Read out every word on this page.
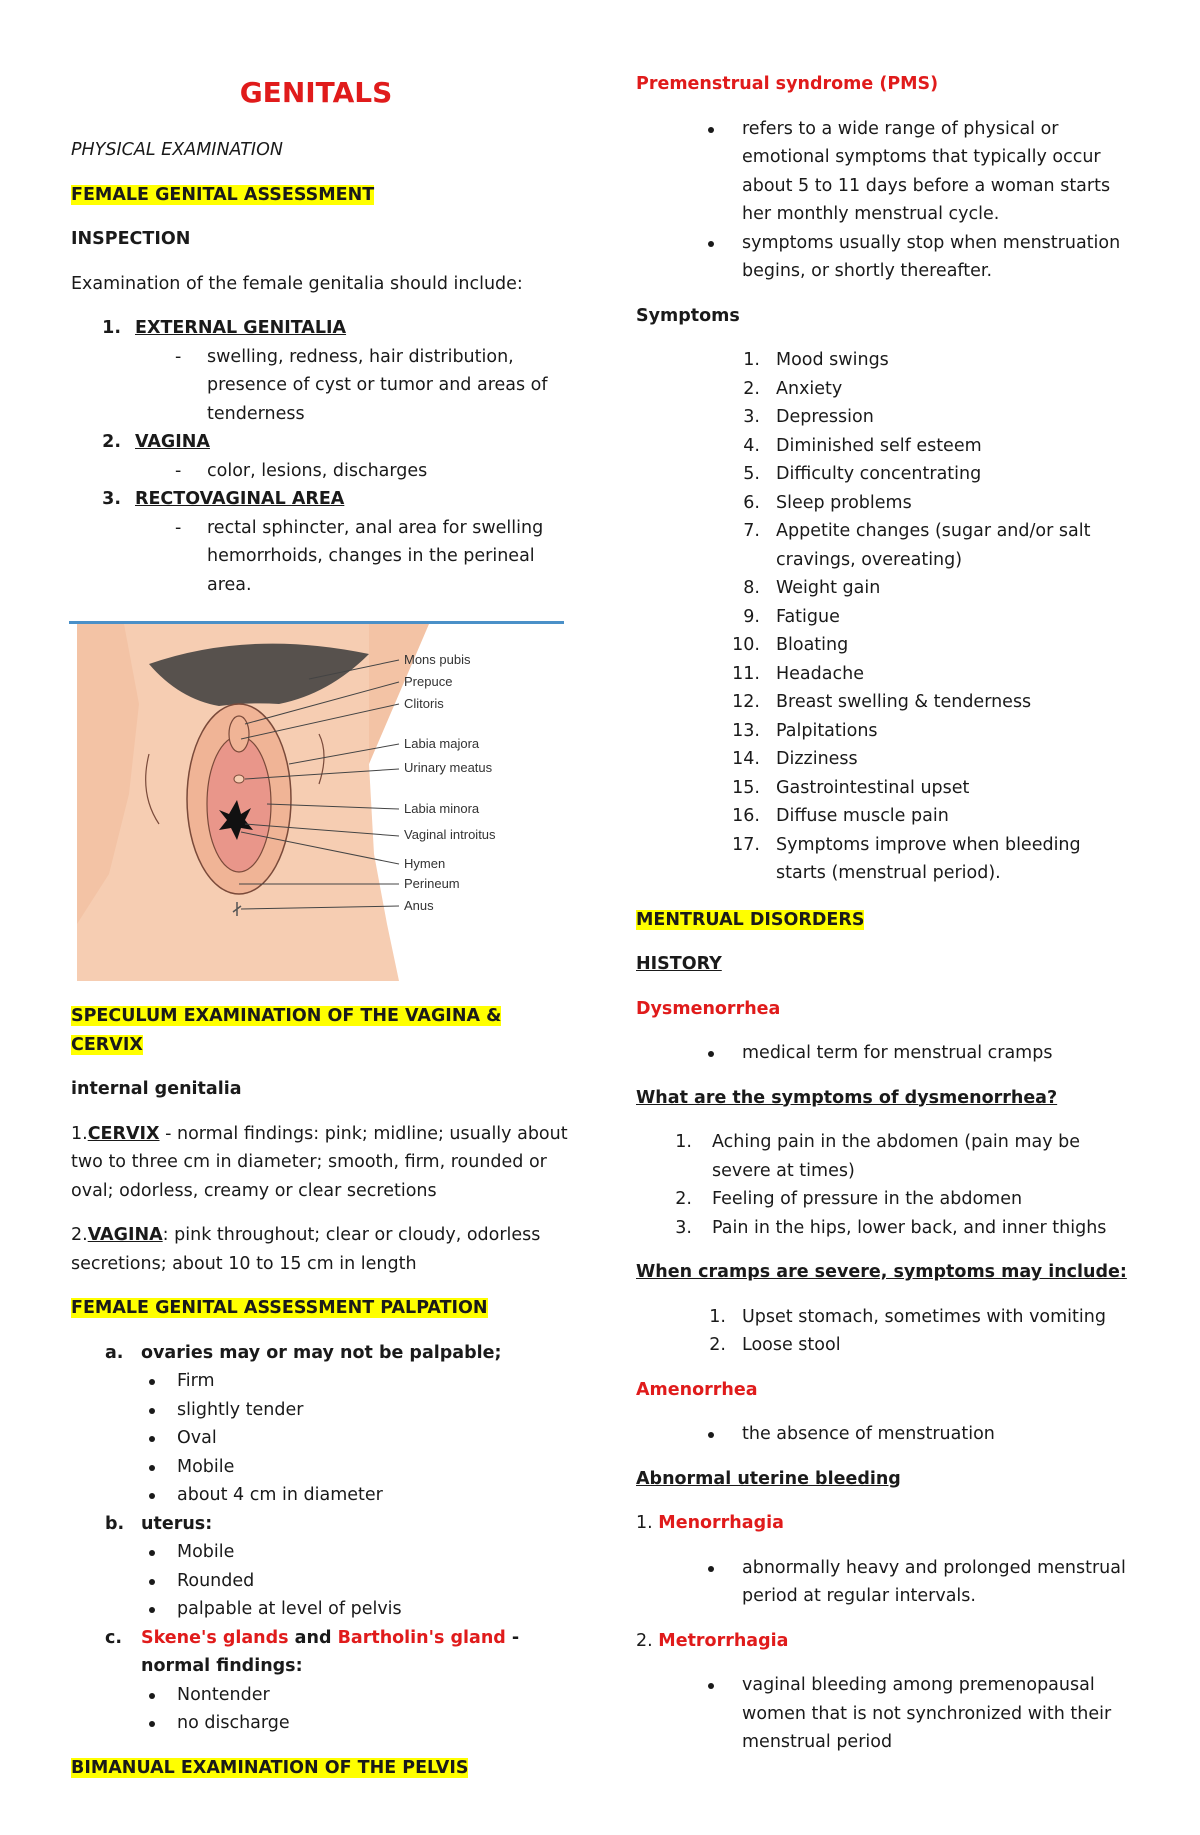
GENITALS

PHYSICAL EXAMINATION

FEMALE GENITAL ASSESSMENT

INSPECTION

Examination of the female genitalia should include:

1. EXTERNAL GENITALIA
- swelling, redness, hair distribution, presence of cyst or tumor and areas of tenderness
2. VAGINA
- color, lesions, discharges
3. RECTOVAGINAL AREA
- rectal sphincter, anal area for swelling hemorrhoids, changes in the perineal area.
Mons pubis
Prepuce
Clitoris
Labia majora
Urinary meatus
Labia minora
Vaginal introitus
Hymen
Perineum
Anus

SPECULUM EXAMINATION OF THE VAGINA & CERVIX

internal genitalia

1.CERVIX - normal findings: pink; midline; usually about two to three cm in diameter; smooth, firm, rounded or oval; odorless, creamy or clear secretions

2.VAGINA: pink throughout; clear or cloudy, odorless secretions; about 10 to 15 cm in length

FEMALE GENITAL ASSESSMENT PALPATION

a. ovaries may or may not be palpable;
Firm
slightly tender
Oval
Mobile
about 4 cm in diameter
b. uterus:
Mobile
Rounded
palpable at level of pelvis
c. Skene's glands and Bartholin's gland - normal findings:
Nontender
no discharge

BIMANUAL EXAMINATION OF THE PELVIS

Premenstrual syndrome (PMS)

refers to a wide range of physical or emotional symptoms that typically occur about 5 to 11 days before a woman starts her monthly menstrual cycle.
symptoms usually stop when menstruation begins, or shortly thereafter.

Symptoms

1. Mood swings
2. Anxiety
3. Depression
4. Diminished self esteem
5. Difficulty concentrating
6. Sleep problems
7. Appetite changes (sugar and/or salt cravings, overeating)
8. Weight gain
9. Fatigue
10. Bloating
11. Headache
12. Breast swelling & tenderness
13. Palpitations
14. Dizziness
15. Gastrointestinal upset
16. Diffuse muscle pain
17. Symptoms improve when bleeding starts (menstrual period).

MENTRUAL DISORDERS

HISTORY

Dysmenorrhea

medical term for menstrual cramps

What are the symptoms of dysmenorrhea?

1. Aching pain in the abdomen (pain may be severe at times)
2. Feeling of pressure in the abdomen
3. Pain in the hips, lower back, and inner thighs

When cramps are severe, symptoms may include:

1. Upset stomach, sometimes with vomiting
2. Loose stool

Amenorrhea

the absence of menstruation

Abnormal uterine bleeding

1. Menorrhagia

abnormally heavy and prolonged menstrual period at regular intervals.

2. Metrorrhagia

vaginal bleeding among premenopausal women that is not synchronized with their menstrual period
